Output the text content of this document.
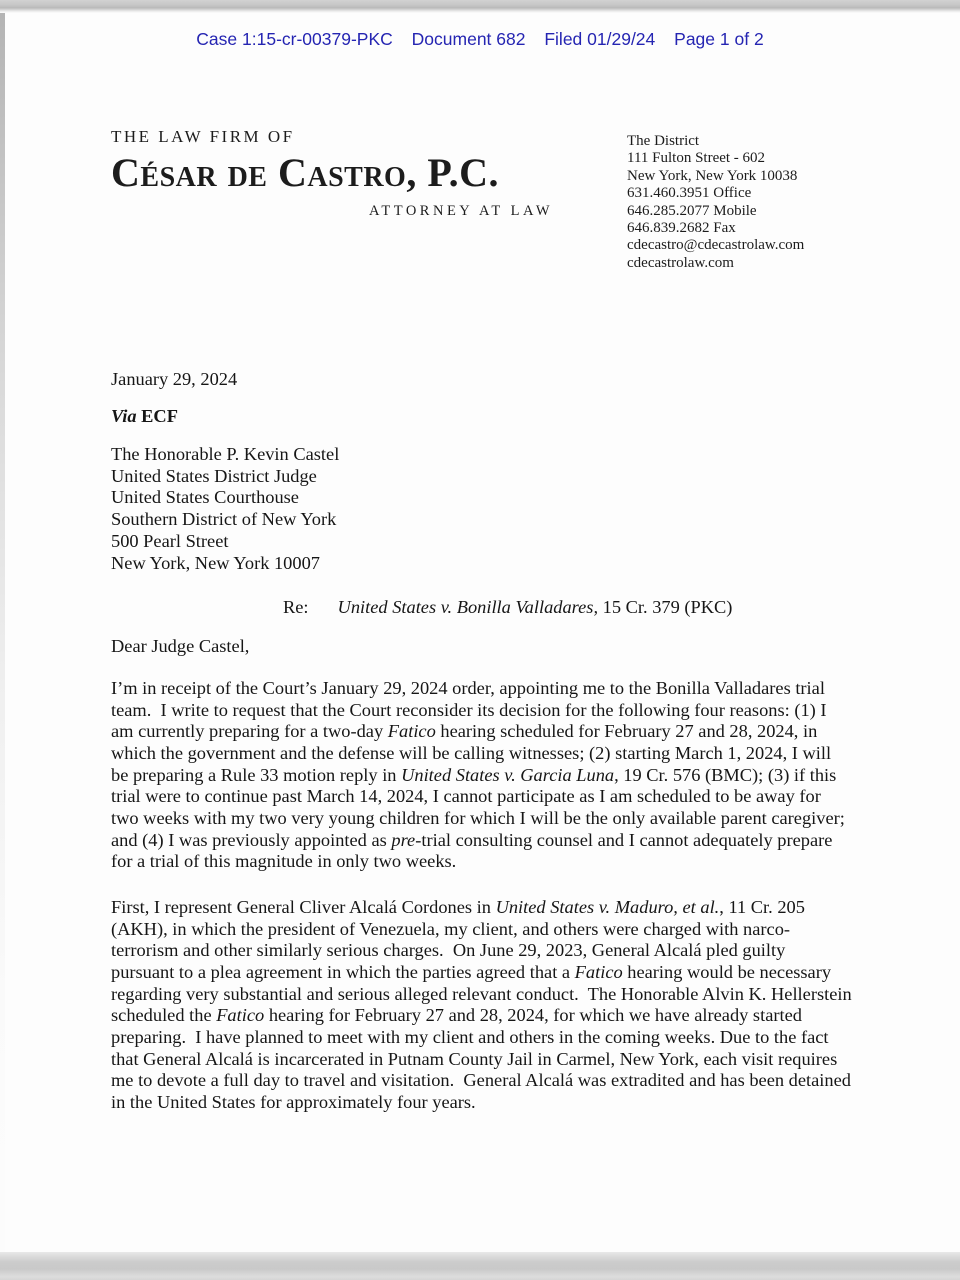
Case 1:15-cr-00379-PKC Document 682 Filed 01/29/24 Page 1 of 2
THE LAW FIRM OF
César de Castro, P.C.
ATTORNEY AT LAW
The District
111 Fulton Street - 602
New York, New York 10038
631.460.3951 Office
646.285.2077 Mobile
646.839.2682 Fax
cdecastro@cdecastrolaw.com
cdecastrolaw.com
January 29, 2024
Via ECF
The Honorable P. Kevin Castel
United States District Judge
United States Courthouse
Southern District of New York
500 Pearl Street
New York, New York 10007
Re: United States v. Bonilla Valladares, 15 Cr. 379 (PKC)
Dear Judge Castel,
I’m in receipt of the Court’s January 29, 2024 order, appointing me to the Bonilla Valladares trial team.  I write to request that the Court reconsider its decision for the following four reasons: (1) I am currently preparing for a two-day Fatico hearing scheduled for February 27 and 28, 2024, in which the government and the defense will be calling witnesses; (2) starting March 1, 2024, I will be preparing a Rule 33 motion reply in United States v. Garcia Luna, 19 Cr. 576 (BMC); (3) if this trial were to continue past March 14, 2024, I cannot participate as I am scheduled to be away for two weeks with my two very young children for which I will be the only available parent caregiver; and (4) I was previously appointed as pre-trial consulting counsel and I cannot adequately prepare for a trial of this magnitude in only two weeks.
First, I represent General Cliver Alcalá Cordones in United States v. Maduro, et al., 11 Cr. 205 (AKH), in which the president of Venezuela, my client, and others were charged with narco-terrorism and other similarly serious charges.  On June 29, 2023, General Alcalá pled guilty pursuant to a plea agreement in which the parties agreed that a Fatico hearing would be necessary regarding very substantial and serious alleged relevant conduct.  The Honorable Alvin K. Hellerstein scheduled the Fatico hearing for February 27 and 28, 2024, for which we have already started preparing.  I have planned to meet with my client and others in the coming weeks. Due to the fact that General Alcalá is incarcerated in Putnam County Jail in Carmel, New York, each visit requires me to devote a full day to travel and visitation.  General Alcalá was extradited and has been detained in the United States for approximately four years.
